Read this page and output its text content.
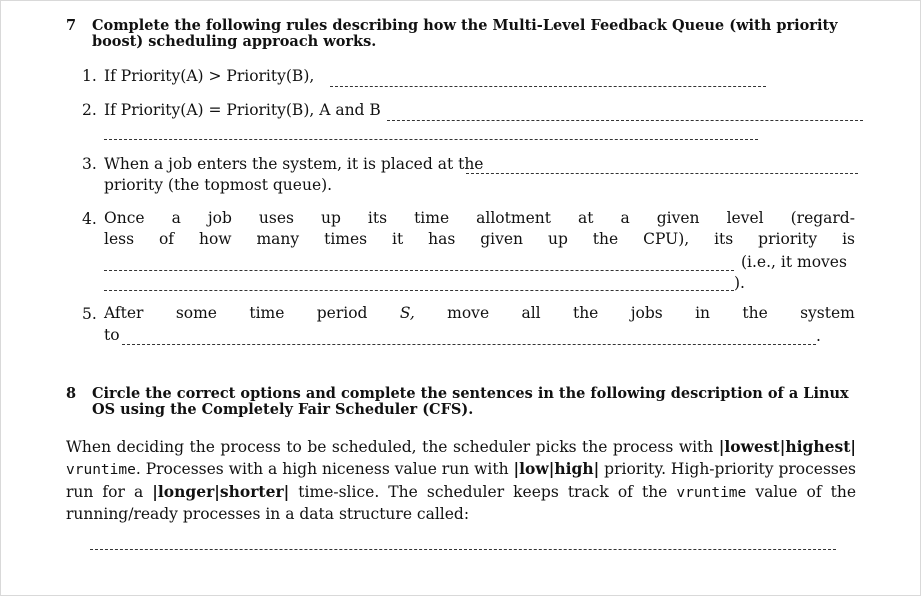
7 Complete the following rules describing how the Multi-Level Feedback Queue (with priority boost) scheduling approach works.
1. If Priority(A) > Priority(B),
2. If Priority(A) = Priority(B), A and B
3. When a job enters the system, it is placed at the
priority (the topmost queue).
4. Once a job uses up its time allotment at a given level (regard-
less of how many times it has given up the CPU), its priority is
(i.e., it moves
).
5. After some time period S, move all the jobs in the system
to	.
8 Circle the correct options and complete the sentences in the following description of a Linux OS using the Completely Fair Scheduler (CFS).
When deciding the process to be scheduled, the scheduler picks the process with |lowest|highest| vruntime. Processes with a high niceness value run with |low|high| priority. High-priority processes run for a |longer|shorter| time-slice. The scheduler keeps track of the vruntime value of the running/ready processes in a data structure called:
